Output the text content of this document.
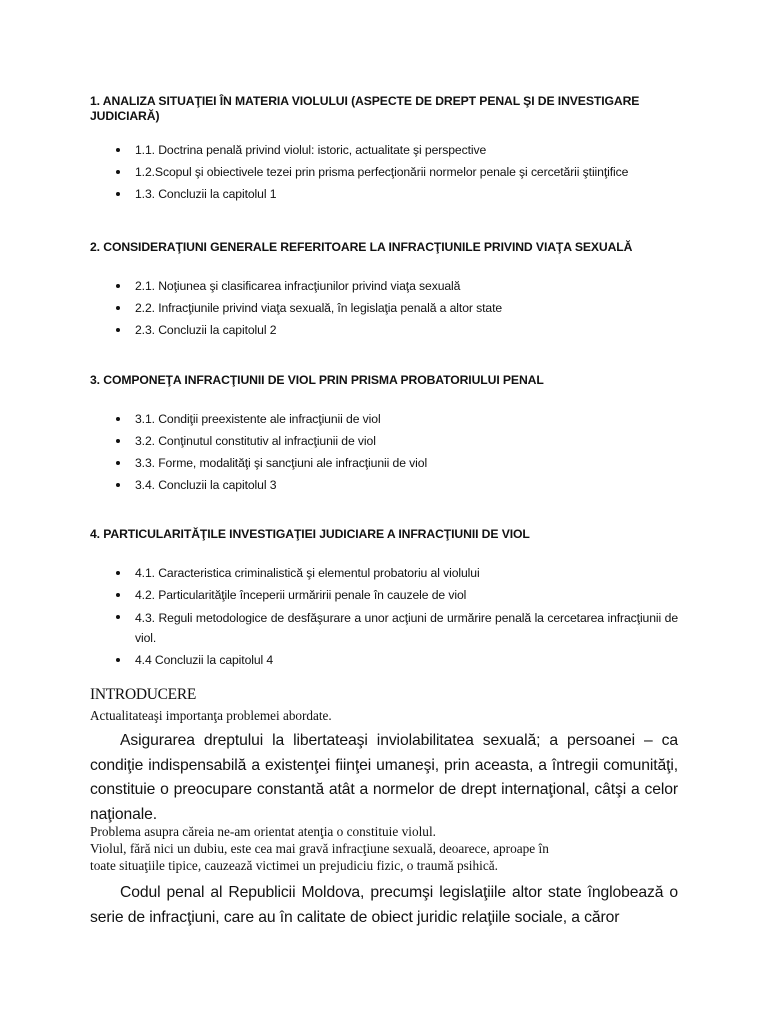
1. ANALIZA SITUAŢIEI ÎN MATERIA VIOLULUI (ASPECTE DE DREPT PENAL ŞI DE INVESTIGARE JUDICIARĂ)

1.1. Doctrina penală privind violul: istoric, actualitate şi perspective
1.2.Scopul şi obiectivele tezei prin prisma perfecţionării normelor penale şi cercetării ştiinţifice
1.3. Concluzii la capitolul 1

2. CONSIDERAŢIUNI GENERALE REFERITOARE LA INFRACŢIUNILE PRIVIND VIAŢA SEXUALĂ

2.1. Noţiunea şi clasificarea infracţiunilor privind viaţa sexuală
2.2. Infracţiunile privind viaţa sexuală, în legislaţia penală a altor state
2.3. Concluzii la capitolul 2

3. COMPONEŢA INFRACŢIUNII DE VIOL PRIN PRISMA PROBATORIULUI PENAL

3.1. Condiţii preexistente ale infracţiunii de viol
3.2. Conţinutul constitutiv al infracţiunii de viol
3.3. Forme, modalităţi şi sancţiuni ale infracţiunii de viol
3.4. Concluzii la capitolul 3

4. PARTICULARITĂŢILE INVESTIGAŢIEI JUDICIARE A INFRACŢIUNII DE VIOL

4.1. Caracteristica criminalistică şi elementul probatoriu al violului
4.2. Particularităţile începerii urmăririi penale în cauzele de viol
4.3. Reguli metodologice de desfăşurare a unor acţiuni de urmărire penală la cercetarea infracţiunii de viol.
4.4 Concluzii la capitolul 4

INTRODUCERE

Actualitateaşi importanţa problemei abordate.

Asigurarea dreptului la libertateaşi inviolabilitatea sexuală; a persoanei – ca condiţie indispensabilă a existenţei fiinţei umaneşi, prin aceasta, a întregii comunităţi, constituie o preocupare constantă atât a normelor de drept internaţional, câtşi a celor naţionale.

Problema asupra căreia ne-am orientat atenţia o constituie violul.

Violul, fără nici un dubiu, este cea mai gravă infracţiune sexuală, deoarece, aproape în

toate situaţiile tipice, cauzează victimei un prejudiciu fizic, o traumă psihică.

Codul penal al Republicii Moldova, precumşi legislaţiile altor state înglobează o serie de infracţiuni, care au în calitate de obiect juridic relaţiile sociale, a căror
